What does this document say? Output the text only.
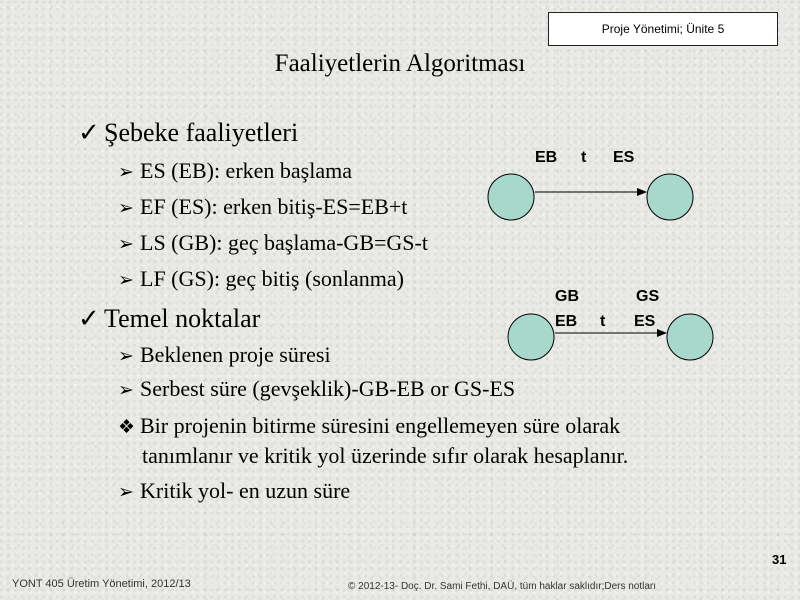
Proje Yönetimi; Ünite 5
Faaliyetlerin Algoritması
✓ Şebeke faaliyetleri
➢ ES (EB): erken başlama
➢ EF (ES): erken bitiş-ES=EB+t
➢ LS (GB): geç başlama-GB=GS-t
➢ LF (GS): geç bitiş (sonlanma)
✓ Temel noktalar
➢ Beklenen proje süresi
➢ Serbest süre (gevşeklik)-GB-EB or GS-ES
❖ Bir projenin bitirme süresini engellemeyen süre olarak
tanımlanır ve kritik yol üzerinde sıfır olarak hesaplanır.
➢ Kritik yol- en uzun süre
EB t ES
GB	GS
EB t ES
31
YONT 405 Üretim Yönetimi, 2012/13	© 2012-13- Doç. Dr. Sami Fethi, DAÜ, tüm haklar saklıdır;Ders notları
